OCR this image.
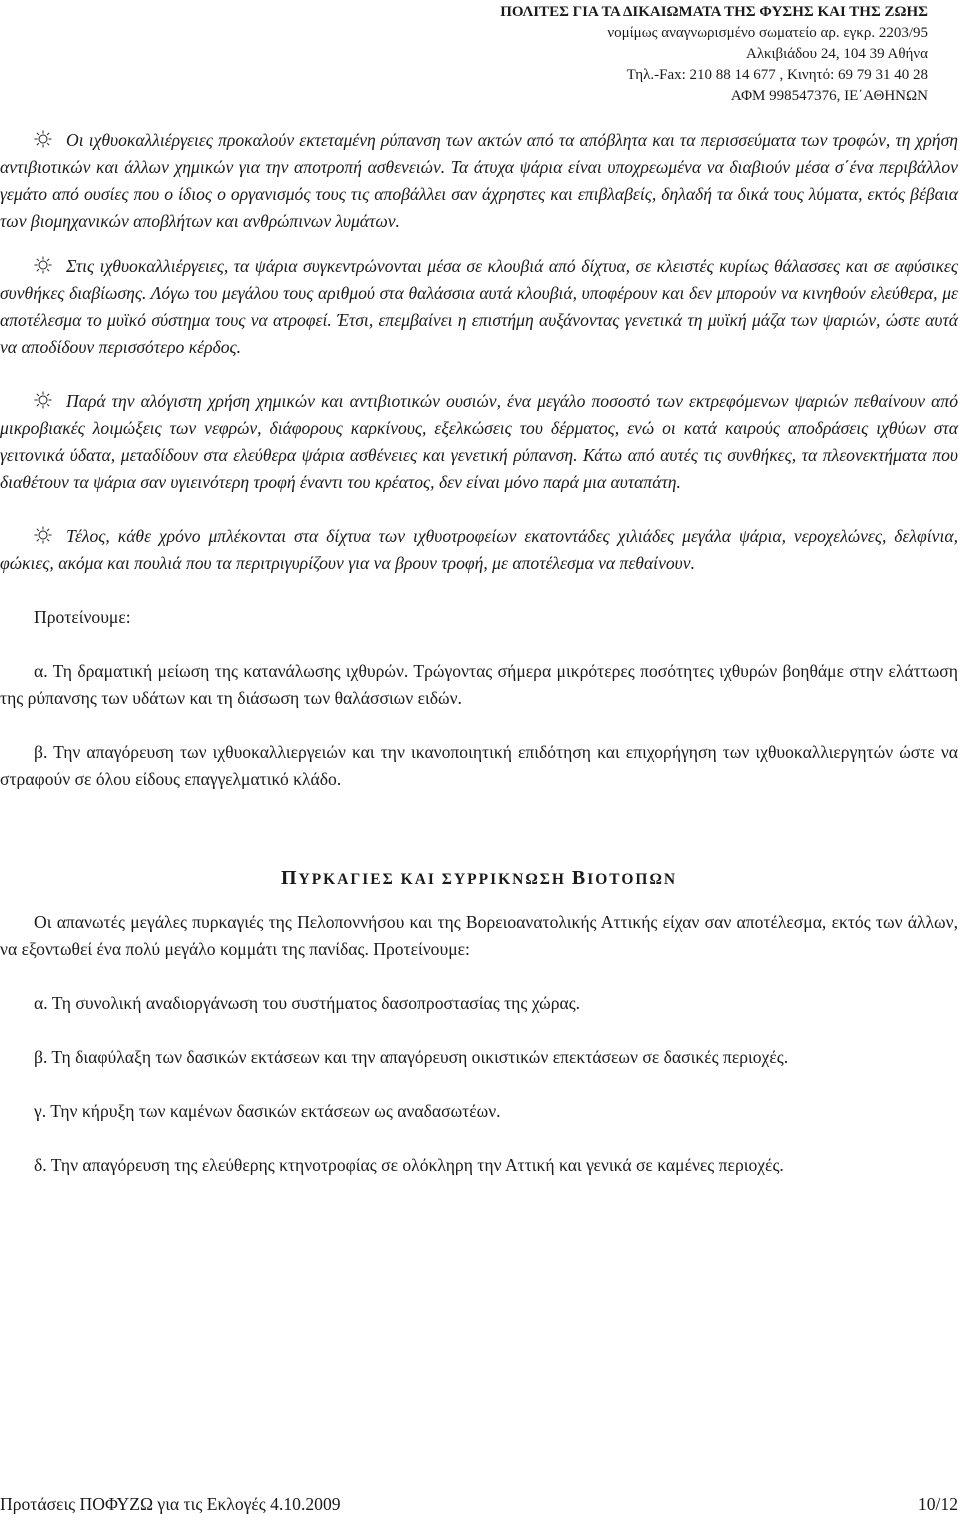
ΠΟΛΙΤΕΣ ΓΙΑ ΤΑ ΔΙΚΑΙΩΜΑΤΑ ΤΗΣ ΦΥΣΗΣ ΚΑΙ ΤΗΣ ΖΩΗΣ
νομίμως αναγνωρισμένο σωματείο αρ. εγκρ. 2203/95
Αλκιβιάδου 24, 104 39 Αθήνα
Τηλ.-Fax: 210 88 14 677 , Κινητό: 69 79 31 40 28
ΑΦΜ 998547376, ΙΕ΄ΑΘΗΝΩΝ

Οι ιχθυοκαλλιέργειες προκαλούν εκτεταμένη ρύπανση των ακτών από τα απόβλητα και τα περισσεύματα των τροφών, τη χρήση αντιβιοτικών και άλλων χημικών για την αποτροπή ασθενειών. Τα άτυχα ψάρια είναι υποχρεωμένα να διαβιούν μέσα σ΄ένα περιβάλλον γεμάτο από ουσίες που ο ίδιος ο οργανισμός τους τις αποβάλλει σαν άχρηστες και επιβλαβείς, δηλαδή τα δικά τους λύματα, εκτός βέβαια των βιομηχανικών αποβλήτων και ανθρώπινων λυμάτων.

Στις ιχθυοκαλλιέργειες, τα ψάρια συγκεντρώνονται μέσα σε κλουβιά από δίχτυα, σε κλειστές κυρίως θάλασσες και σε αφύσικες συνθήκες διαβίωσης. Λόγω του μεγάλου τους αριθμού στα θαλάσσια αυτά κλουβιά, υποφέρουν και δεν μπορούν να κινηθούν ελεύθερα, με αποτέλεσμα το μυϊκό σύστημα τους να ατροφεί. Έτσι, επεμβαίνει η επιστήμη αυξάνοντας γενετικά τη μυϊκή μάζα των ψαριών, ώστε αυτά να αποδίδουν περισσότερο κέρδος.

Παρά την αλόγιστη χρήση χημικών και αντιβιοτικών ουσιών, ένα μεγάλο ποσοστό των εκτρεφόμενων ψαριών πεθαίνουν από μικροβιακές λοιμώξεις των νεφρών, διάφορους καρκίνους, εξελκώσεις του δέρματος, ενώ οι κατά καιρούς αποδράσεις ιχθύων στα γειτονικά ύδατα, μεταδίδουν στα ελεύθερα ψάρια ασθένειες και γενετική ρύπανση. Κάτω από αυτές τις συνθήκες, τα πλεονεκτήματα που διαθέτουν τα ψάρια σαν υγιεινότερη τροφή έναντι του κρέατος, δεν είναι μόνο παρά μια αυταπάτη.

Τέλος, κάθε χρόνο μπλέκονται στα δίχτυα των ιχθυοτροφείων εκατοντάδες χιλιάδες μεγάλα ψάρια, νεροχελώνες, δελφίνια, φώκιες, ακόμα και πουλιά που τα περιτριγυρίζουν για να βρουν τροφή, με αποτέλεσμα να πεθαίνουν.

Προτείνουμε:

α. Τη δραματική μείωση της κατανάλωσης ιχθυρών. Τρώγοντας σήμερα μικρότερες ποσότητες ιχθυρών βοηθάμε στην ελάττωση της ρύπανσης των υδάτων και τη διάσωση των θαλάσσιων ειδών.

β. Την απαγόρευση των ιχθυοκαλλιεργειών και την ικανοποιητική επιδότηση και επιχορήγηση των ιχθυοκαλλιεργητών ώστε να στραφούν σε όλου είδους επαγγελματικό κλάδο.

ΠΥΡΚΑΓΙΕΣ ΚΑΙ ΣΥΡΡΙΚΝΩΣΗ ΒΙΟΤΟΠΩΝ

Οι απανωτές μεγάλες πυρκαγιές της Πελοποννήσου και της Βορειοανατολικής Αττικής είχαν σαν αποτέλεσμα, εκτός των άλλων, να εξοντωθεί ένα πολύ μεγάλο κομμάτι της πανίδας. Προτείνουμε:

α. Τη συνολική αναδιοργάνωση του συστήματος δασοπροστασίας της χώρας.

β. Τη διαφύλαξη των δασικών εκτάσεων και την απαγόρευση οικιστικών επεκτάσεων σε δασικές περιοχές.

γ. Την κήρυξη των καμένων δασικών εκτάσεων ως αναδασωτέων.

δ. Την απαγόρευση της ελεύθερης κτηνοτροφίας σε ολόκληρη την Αττική και γενικά σε καμένες περιοχές.

Προτάσεις ΠΟΦΥΖΩ για τις Εκλογές 4.10.2009	10/12
